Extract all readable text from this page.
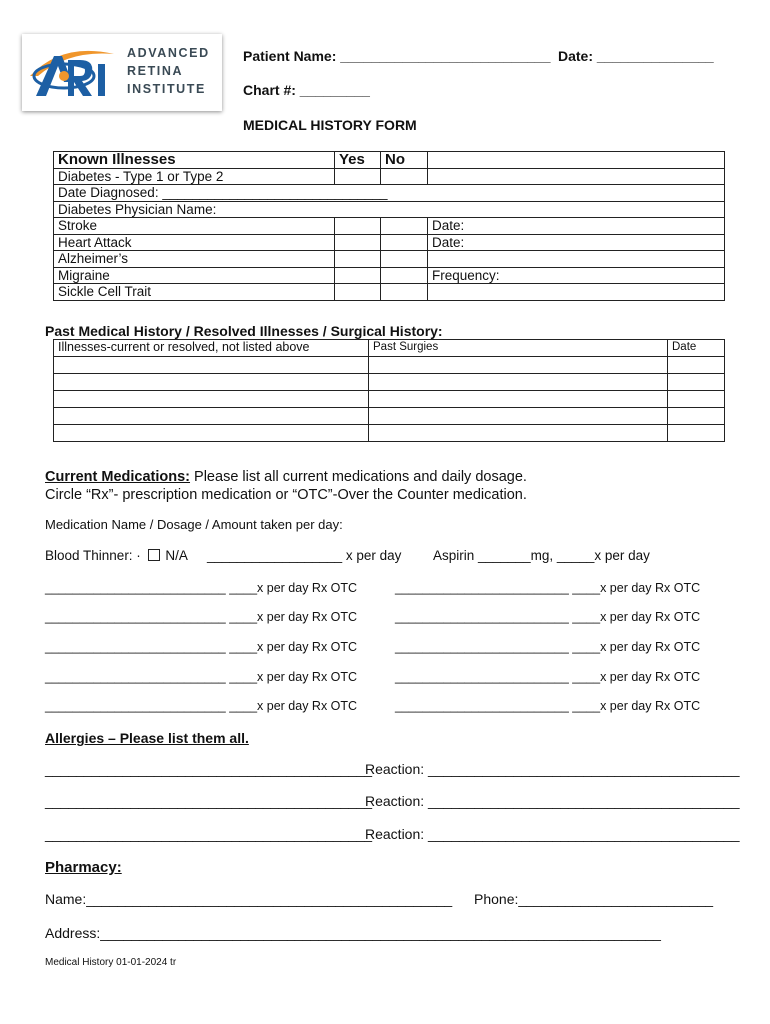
ADVANCED
RETINA
INSTITUTE
Patient Name: ___________________________ Date: _______________
Chart #: _________
MEDICAL HISTORY FORM
Known Illnesses	Yes	No	
Diabetes - Type 1 or Type 2			
Date Diagnosed: ______________________________			
Diabetes Physician Name:			
Stroke			Date:
Heart Attack			Date:
Alzheimer’s			
Migraine			Frequency:
Sickle Cell Trait			
Past Medical History / Resolved Illnesses / Surgical History:
Illnesses-current or resolved, not listed above	Past Surgies	Date

Current Medications: Please list all current medications and daily dosage.
Circle “Rx”- prescription medication or “OTC”-Over the Counter medication.
Medication Name / Dosage / Amount taken per day:
Blood Thinner: · N/A __________________ x per day Aspirin _______mg, _____x per day
__________________________ ____x per day Rx OTC	_________________________ ____x per day Rx OTC
__________________________ ____x per day Rx OTC	_________________________ ____x per day Rx OTC
__________________________ ____x per day Rx OTC	_________________________ ____x per day Rx OTC
__________________________ ____x per day Rx OTC	_________________________ ____x per day Rx OTC
__________________________ ____x per day Rx OTC	_________________________ ____x per day Rx OTC
Allergies – Please list them all.
__________________________________________
Reaction: ________________________________________
__________________________________________
Reaction: ________________________________________
__________________________________________
Reaction: ________________________________________
Pharmacy:
Name:_______________________________________________ Phone:_________________________
Address:________________________________________________________________________
Medical History 01-01-2024 tr
